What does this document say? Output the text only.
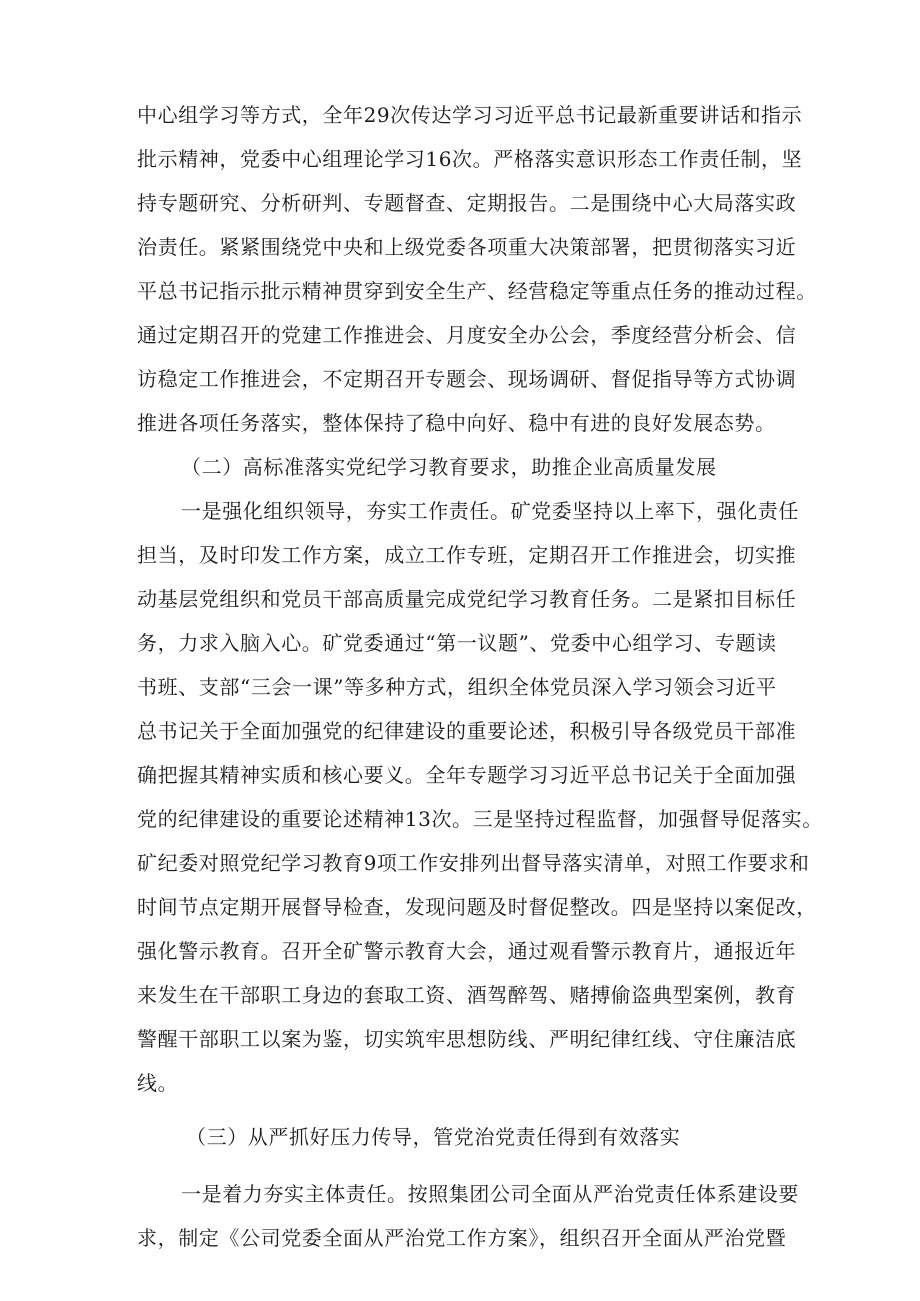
中心组学习等方式，全年29次传达学习习近平总书记最新重要讲话和指示
批示精神，党委中心组理论学习16次。严格落实意识形态工作责任制，坚
持专题研究、分析研判、专题督查、定期报告。二是围绕中心大局落实政
治责任。紧紧围绕党中央和上级党委各项重大决策部署，把贯彻落实习近
平总书记指示批示精神贯穿到安全生产、经营稳定等重点任务的推动过程。
通过定期召开的党建工作推进会、月度安全办公会，季度经营分析会、信
访稳定工作推进会，不定期召开专题会、现场调研、督促指导等方式协调
推进各项任务落实，整体保持了稳中向好、稳中有进的良好发展态势。
（二）高标准落实党纪学习教育要求，助推企业高质量发展
一是强化组织领导，夯实工作责任。矿党委坚持以上率下，强化责任
担当，及时印发工作方案，成立工作专班，定期召开工作推进会，切实推
动基层党组织和党员干部高质量完成党纪学习教育任务。二是紧扣目标任
务，力求入脑入心。矿党委通过“第一议题”、党委中心组学习、专题读
书班、支部“三会一课”等多种方式，组织全体党员深入学习领会习近平
总书记关于全面加强党的纪律建设的重要论述，积极引导各级党员干部准
确把握其精神实质和核心要义。全年专题学习习近平总书记关于全面加强
党的纪律建设的重要论述精神13次。三是坚持过程监督，加强督导促落实。
矿纪委对照党纪学习教育9项工作安排列出督导落实清单，对照工作要求和
时间节点定期开展督导检查，发现问题及时督促整改。四是坚持以案促改，
强化警示教育。召开全矿警示教育大会，通过观看警示教育片，通报近年
来发生在干部职工身边的套取工资、酒驾醉驾、赌搏偷盗典型案例，教育
警醒干部职工以案为鉴，切实筑牢思想防线、严明纪律红线、守住廉洁底
线。
（三）从严抓好压力传导，管党治党责任得到有效落实
一是着力夯实主体责任。按照集团公司全面从严治党责任体系建设要
求，制定《公司党委全面从严治党工作方案》，组织召开全面从严治党暨
